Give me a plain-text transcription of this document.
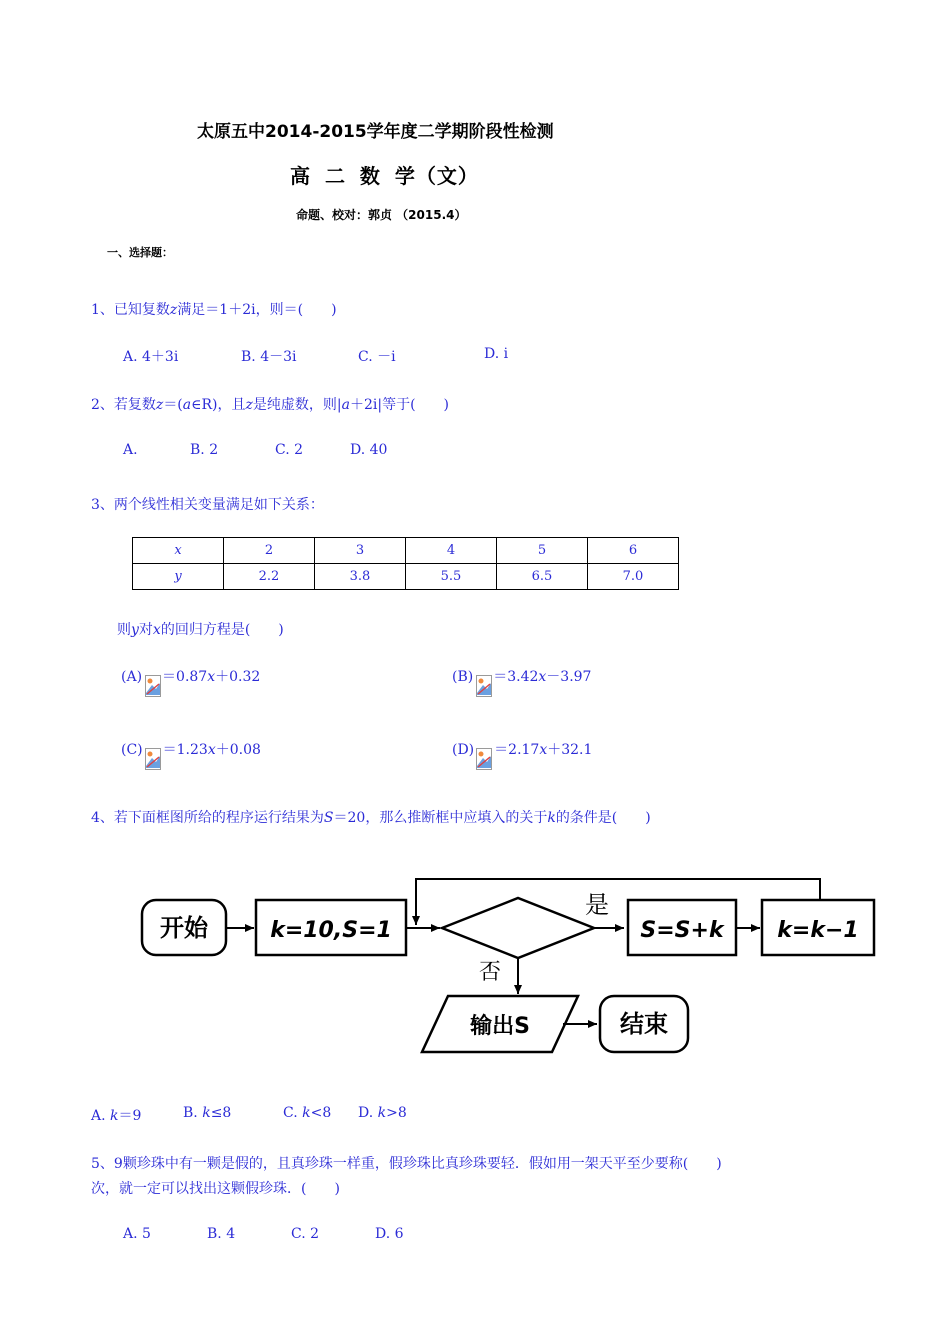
太原五中2014-2015学年度二学期阶段性检测
高 二 数 学（文）
命题、校对：郭贞 （2015.4）
一、选择题：
1、已知复数z满足＝1＋2i，则＝(　　)
A. 4＋3i	B. 4－3i	C. －i	D. i
2、若复数z＝(a∈R)，且z是纯虚数，则|a＋2i|等于(　　)
A.	B. 2	C. 2	D. 40
3、两个线性相关变量满足如下关系：
x	2	3	4	5	6
y	2.2	3.8	5.5	6.5	7.0
则y对x的回归方程是(　　)
(A) ＝0.87x＋0.32	(B) ＝3.42x－3.97
(C) ＝1.23x＋0.08	(D) ＝2.17x＋32.1
4、若下面框图所给的程序运行结果为S＝20，那么推断框中应填入的关于k的条件是(　　)
开始	k=10,S=1
是
否
S=S+k k=k−1
输出S	结束
A. k＝9	B. k≤8	C. k<8 D. k>8
5、9颗珍珠中有一颗是假的，且真珍珠一样重，假珍珠比真珍珠要轻．假如用一架天平至少要称(　　)
次，就一定可以找出这颗假珍珠．(　　)
A. 5	B. 4	C. 2	D. 6
